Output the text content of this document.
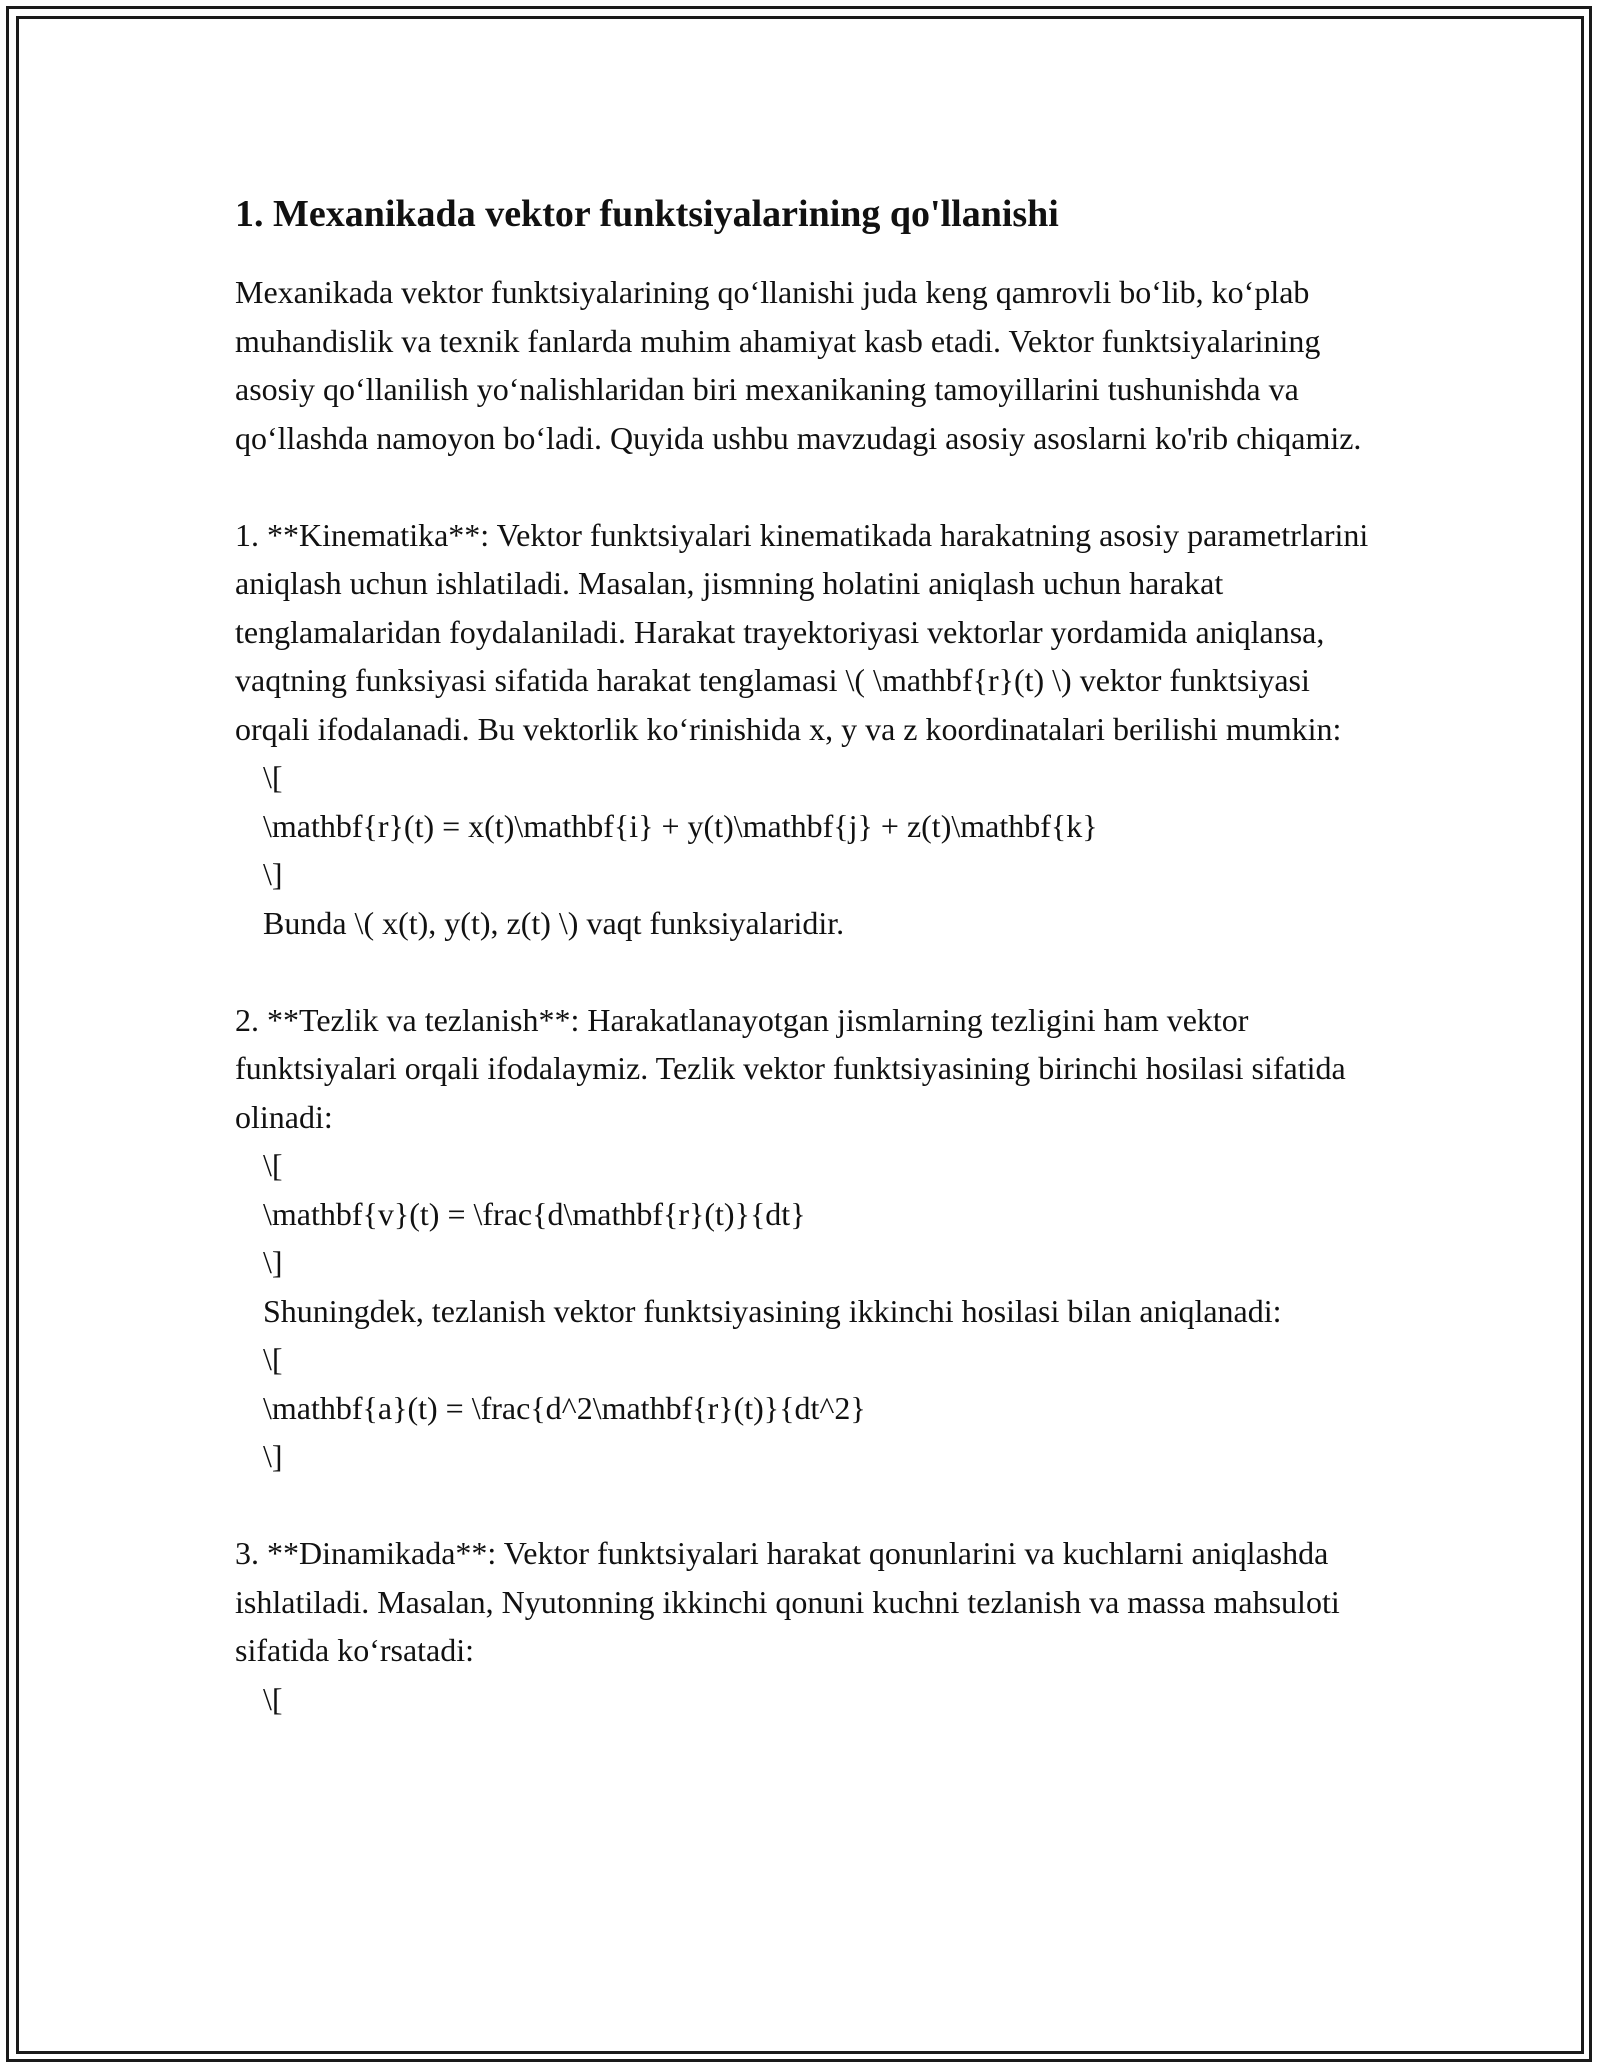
1. Mexanikada vektor funktsiyalarining qo'llanishi

Mexanikada vektor funktsiyalarining qo‘llanishi juda keng qamrovli bo‘lib, ko‘plab muhandislik va texnik fanlarda muhim ahamiyat kasb etadi. Vektor funktsiyalarining asosiy qo‘llanilish yo‘nalishlaridan biri mexanikaning tamoyillarini tushunishda va qo‘llashda namoyon bo‘ladi. Quyida ushbu mavzudagi asosiy asoslarni ko'rib chiqamiz.

1. **Kinematika**: Vektor funktsiyalari kinematikada harakatning asosiy parametrlarini aniqlash uchun ishlatiladi. Masalan, jismning holatini aniqlash uchun harakat tenglamalaridan foydalaniladi. Harakat trayektoriyasi vektorlar yordamida aniqlansa, vaqtning funksiyasi sifatida harakat tenglamasi \( \mathbf{r}(t) \) vektor funktsiyasi orqali ifodalanadi. Bu vektorlik ko‘rinishida x, y va z koordinatalari berilishi mumkin:

\[

\mathbf{r}(t) = x(t)\mathbf{i} + y(t)\mathbf{j} + z(t)\mathbf{k}

\]

Bunda \( x(t), y(t), z(t) \) vaqt funksiyalaridir.

2. **Tezlik va tezlanish**: Harakatlanayotgan jismlarning tezligini ham vektor funktsiyalari orqali ifodalaymiz. Tezlik vektor funktsiyasining birinchi hosilasi sifatida olinadi:

\[

\mathbf{v}(t) = \frac{d\mathbf{r}(t)}{dt}

\]

Shuningdek, tezlanish vektor funktsiyasining ikkinchi hosilasi bilan aniqlanadi:

\[

\mathbf{a}(t) = \frac{d^2\mathbf{r}(t)}{dt^2}

\]

3. **Dinamikada**: Vektor funktsiyalari harakat qonunlarini va kuchlarni aniqlashda ishlatiladi. Masalan, Nyutonning ikkinchi qonuni kuchni tezlanish va massa mahsuloti sifatida ko‘rsatadi:

\[
